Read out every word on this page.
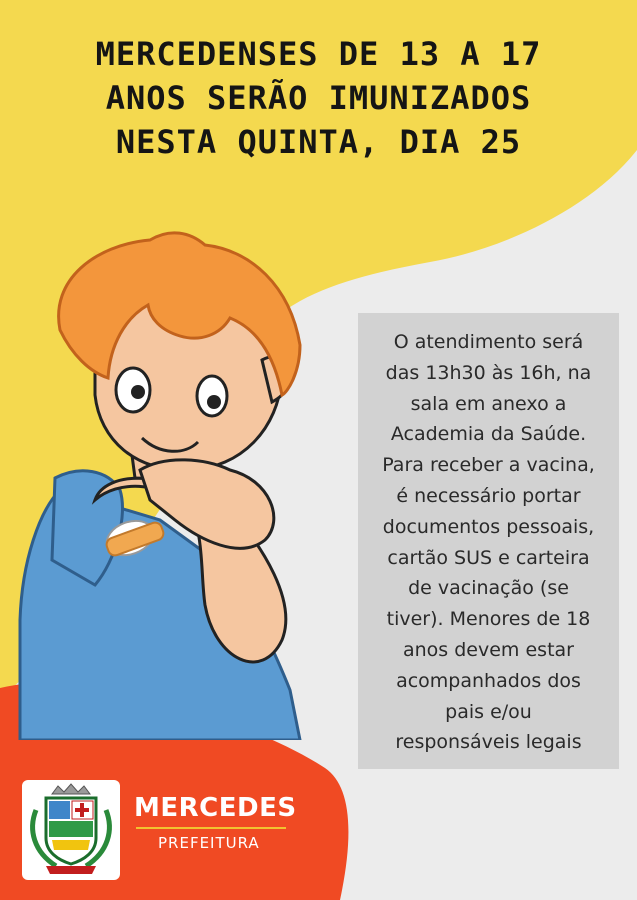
MERCEDENSES DE 13 A 17
ANOS SERÃO IMUNIZADOS
NESTA QUINTA, DIA 25

O atendimento será
das 13h30 às 16h, na
sala em anexo a
Academia da Saúde.
Para receber a vacina,
é necessário portar
documentos pessoais,
cartão SUS e carteira
de vacinação (se
tiver). Menores de 18
anos devem estar
acompanhados dos
pais e/ou
responsáveis legais

MERCEDES
PREFEITURA
